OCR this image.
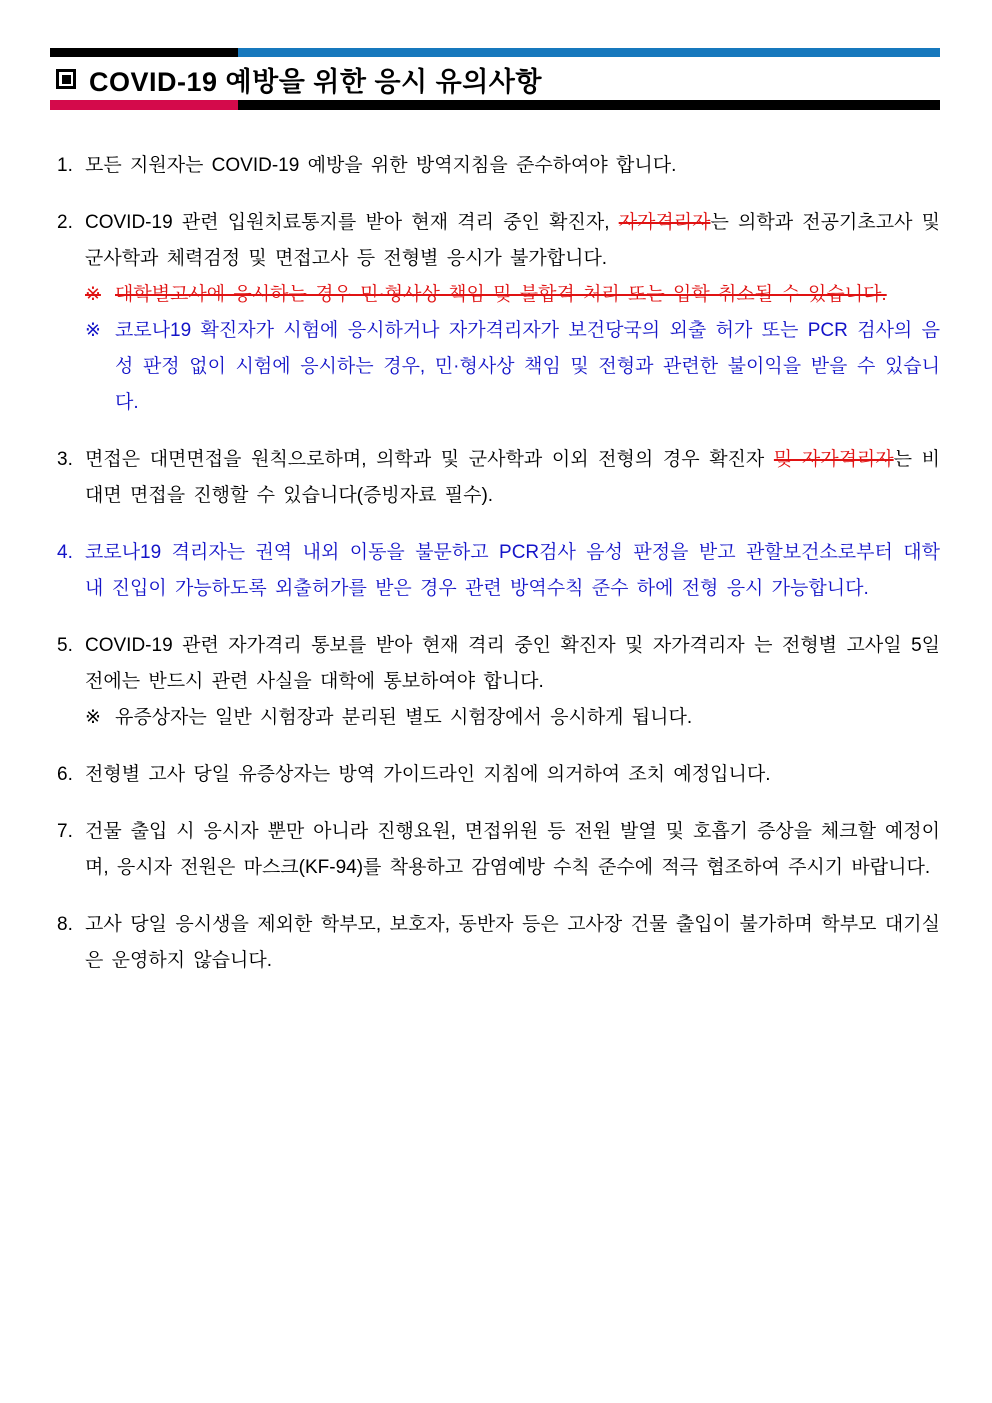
COVID-19 예방을 위한 응시 유의사항
1. 모든 지원자는 COVID-19 예방을 위한 방역지침을 준수하여야 합니다.

2. COVID-19 관련 입원치료통지를 받아 현재 격리 중인 확진자, 자가격리자는 의학과 전공기초고사 및 군사학과 체력검정 및 면접고사 등 전형별 응시가 불가합니다.

※ 대학별고사에 응시하는 경우 민·형사상 책임 및 불합격 처리 또는 입학 취소될 수 있습니다.

※ 코로나19 확진자가 시험에 응시하거나 자가격리자가 보건당국의 외출 허가 또는 PCR 검사의 음성 판정 없이 시험에 응시하는 경우, 민·형사상 책임 및 전형과 관련한 불이익을 받을 수 있습니다.

3. 면접은 대면면접을 원칙으로하며, 의학과 및 군사학과 이외 전형의 경우 확진자 및 자가격리자는 비대면 면접을 진행할 수 있습니다(증빙자료 필수).

4. 코로나19 격리자는 권역 내외 이동을 불문하고 PCR검사 음성 판정을 받고 관할보건소로부터 대학 내 진입이 가능하도록 외출허가를 받은 경우 관련 방역수칙 준수 하에 전형 응시 가능합니다.

5. COVID-19 관련 자가격리 통보를 받아 현재 격리 중인 확진자 및 자가격리자 는 전형별 고사일 5일 전에는 반드시 관련 사실을 대학에 통보하여야 합니다.

※ 유증상자는 일반 시험장과 분리된 별도 시험장에서 응시하게 됩니다.

6. 전형별 고사 당일 유증상자는 방역 가이드라인 지침에 의거하여 조치 예정입니다.

7. 건물 출입 시 응시자 뿐만 아니라 진행요원, 면접위원 등 전원 발열 및 호흡기 증상을 체크할 예정이며, 응시자 전원은 마스크(KF-94)를 착용하고 감염예방 수칙 준수에 적극 협조하여 주시기 바랍니다.

8. 고사 당일 응시생을 제외한 학부모, 보호자, 동반자 등은 고사장 건물 출입이 불가하며 학부모 대기실은 운영하지 않습니다.
